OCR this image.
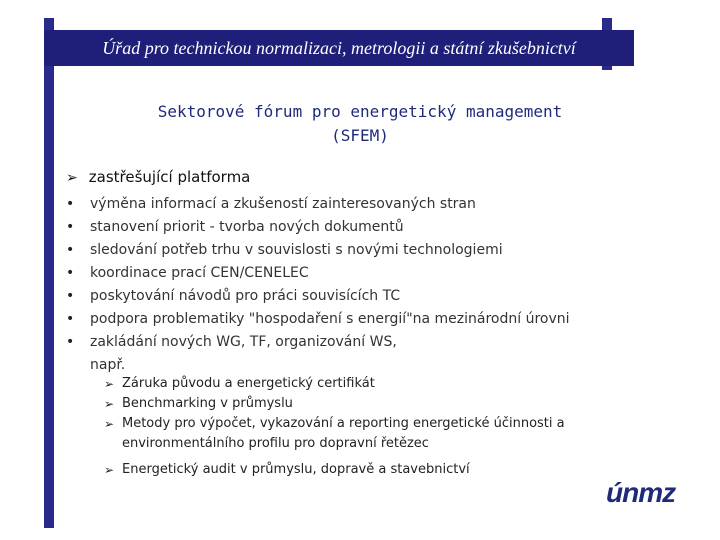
Úřad pro technickou normalizaci, metrologii a státní zkušebnictví
Sektorové fórum pro energetický management
(SFEM)
➢ zastřešující platforma
• výměna informací a zkušeností zainteresovaných stran
• stanovení priorit - tvorba nových dokumentů
• sledování potřeb trhu v souvislosti s novými technologiemi
• koordinace prací CEN/CENELEC
• poskytování návodů pro práci souvisících TC
• podpora problematiky "hospodaření s energií"na mezinárodní úrovni
• zakládání nových WG, TF, organizování WS,
např.
➢ Záruka původu a energetický certifikát
➢ Benchmarking v průmyslu
➢ Metody pro výpočet, vykazování a reporting energetické účinnosti a environmentálního profilu pro dopravní řetězec
➢ Energetický audit v průmyslu, dopravě a stavebnictví
únmz
